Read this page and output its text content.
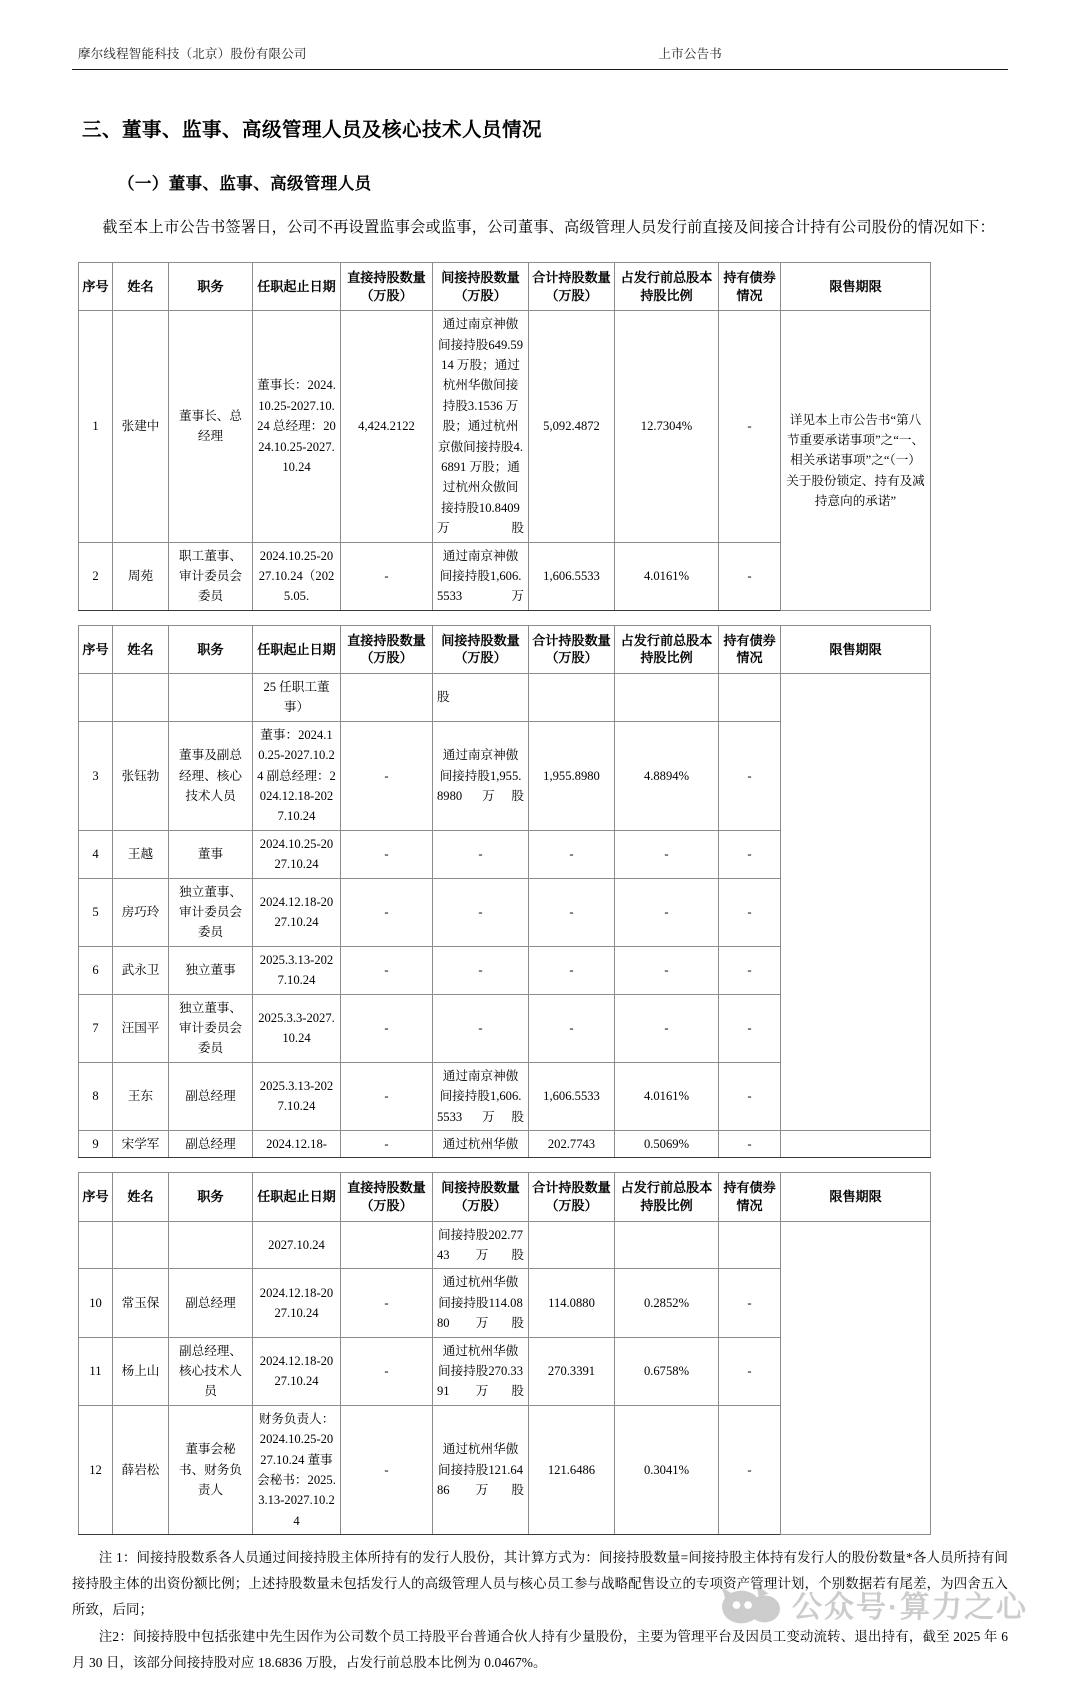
摩尔线程智能科技（北京）股份有限公司	上市公告书
三、董事、监事、高级管理人员及核心技术人员情况
（一）董事、监事、高级管理人员

截至本上市公告书签署日，公司不再设置监事会或监事，公司董事、高级管理人员发行前直接及间接合计持有公司股份的情况如下：

序号	姓名	职务	任职起止日期	直接持股数量（万股）	间接持股数量（万股）	合计持股数量（万股）	占发行前总股本持股比例	持有债券情况	限售期限
1	张建中	董事长、总经理	董事长：2024.10.25-2027.10.24 总经理：2024.10.25-2027.10.24	4,424.2122	通过南京神傲间接持股649.5914 万股；通过杭州华傲间接持股3.1536 万股；通过杭州京傲间接持股4.6891 万股；通过杭州众傲间接持股10.8409 万股	5,092.4872	12.7304%	-	详见本上市公告书“第八节重要承诺事项”之“一、相关承诺事项”之“（一）关于股份锁定、持有及减持意向的承诺”
2	周苑	职工董事、审计委员会委员	2024.10.25-2027.10.24（2025.05.	-	通过南京神傲间接持股1,606.5533 万	1,606.5533	4.0161%	-	
序号	姓名	职务	任职起止日期	直接持股数量（万股）	间接持股数量（万股）	合计持股数量（万股）	占发行前总股本持股比例	持有债券情况	限售期限
			25 任职工董事）		股				
3	张钰勃	董事及副总经理、核心技术人员	董事：2024.10.25-2027.10.24 副总经理：2024.12.18-2027.10.24	-	通过南京神傲间接持股1,955.8980 万股	1,955.8980	4.8894%	-	
4	王越	董事	2024.10.25-2027.10.24	-	-	-	-	-	
5	房巧玲	独立董事、审计委员会委员	2024.12.18-2027.10.24	-	-	-	-	-	
6	武永卫	独立董事	2025.3.13-2027.10.24	-	-	-	-	-	
7	汪国平	独立董事、审计委员会委员	2025.3.3-2027.10.24	-	-	-	-	-	
8	王东	副总经理	2025.3.13-2027.10.24	-	通过南京神傲间接持股1,606.5533 万股	1,606.5533	4.0161%	-	
9	宋学军	副总经理	2024.12.18-	-	通过杭州华傲	202.7743	0.5069%	-	
序号	姓名	职务	任职起止日期	直接持股数量（万股）	间接持股数量（万股）	合计持股数量（万股）	占发行前总股本持股比例	持有债券情况	限售期限
			2027.10.24		间接持股202.7743 万股				
10	常玉保	副总经理	2024.12.18-2027.10.24	-	通过杭州华傲间接持股114.0880 万股	114.0880	0.2852%	-	
11	杨上山	副总经理、核心技术人员	2024.12.18-2027.10.24	-	通过杭州华傲间接持股270.3391 万股	270.3391	0.6758%	-	
12	薛岩松	董事会秘书、财务负责人	财务负责人：2024.10.25-2027.10.24 董事会秘书：2025.3.13-2027.10.24	-	通过杭州华傲间接持股121.6486 万股	121.6486	0.3041%	-	

注 1：间接持股数系各人员通过间接持股主体所持有的发行人股份，其计算方式为：间接持股数量=间接持股主体持有发行人的股份数量*各人员所持有间接持股主体的出资份额比例；上述持股数量未包括发行人的高级管理人员与核心员工参与战略配售设立的专项资产管理计划，个别数据若有尾差，为四舍五入所致，后同；

注2：间接持股中包括张建中先生因作为公司数个员工持股平台普通合伙人持有少量股份，主要为管理平台及因员工变动流转、退出持有，截至 2025 年 6 月 30 日，该部分间接持股对应 18.6836 万股，占发行前总股本比例为 0.0467%。

公众号·算力之心
